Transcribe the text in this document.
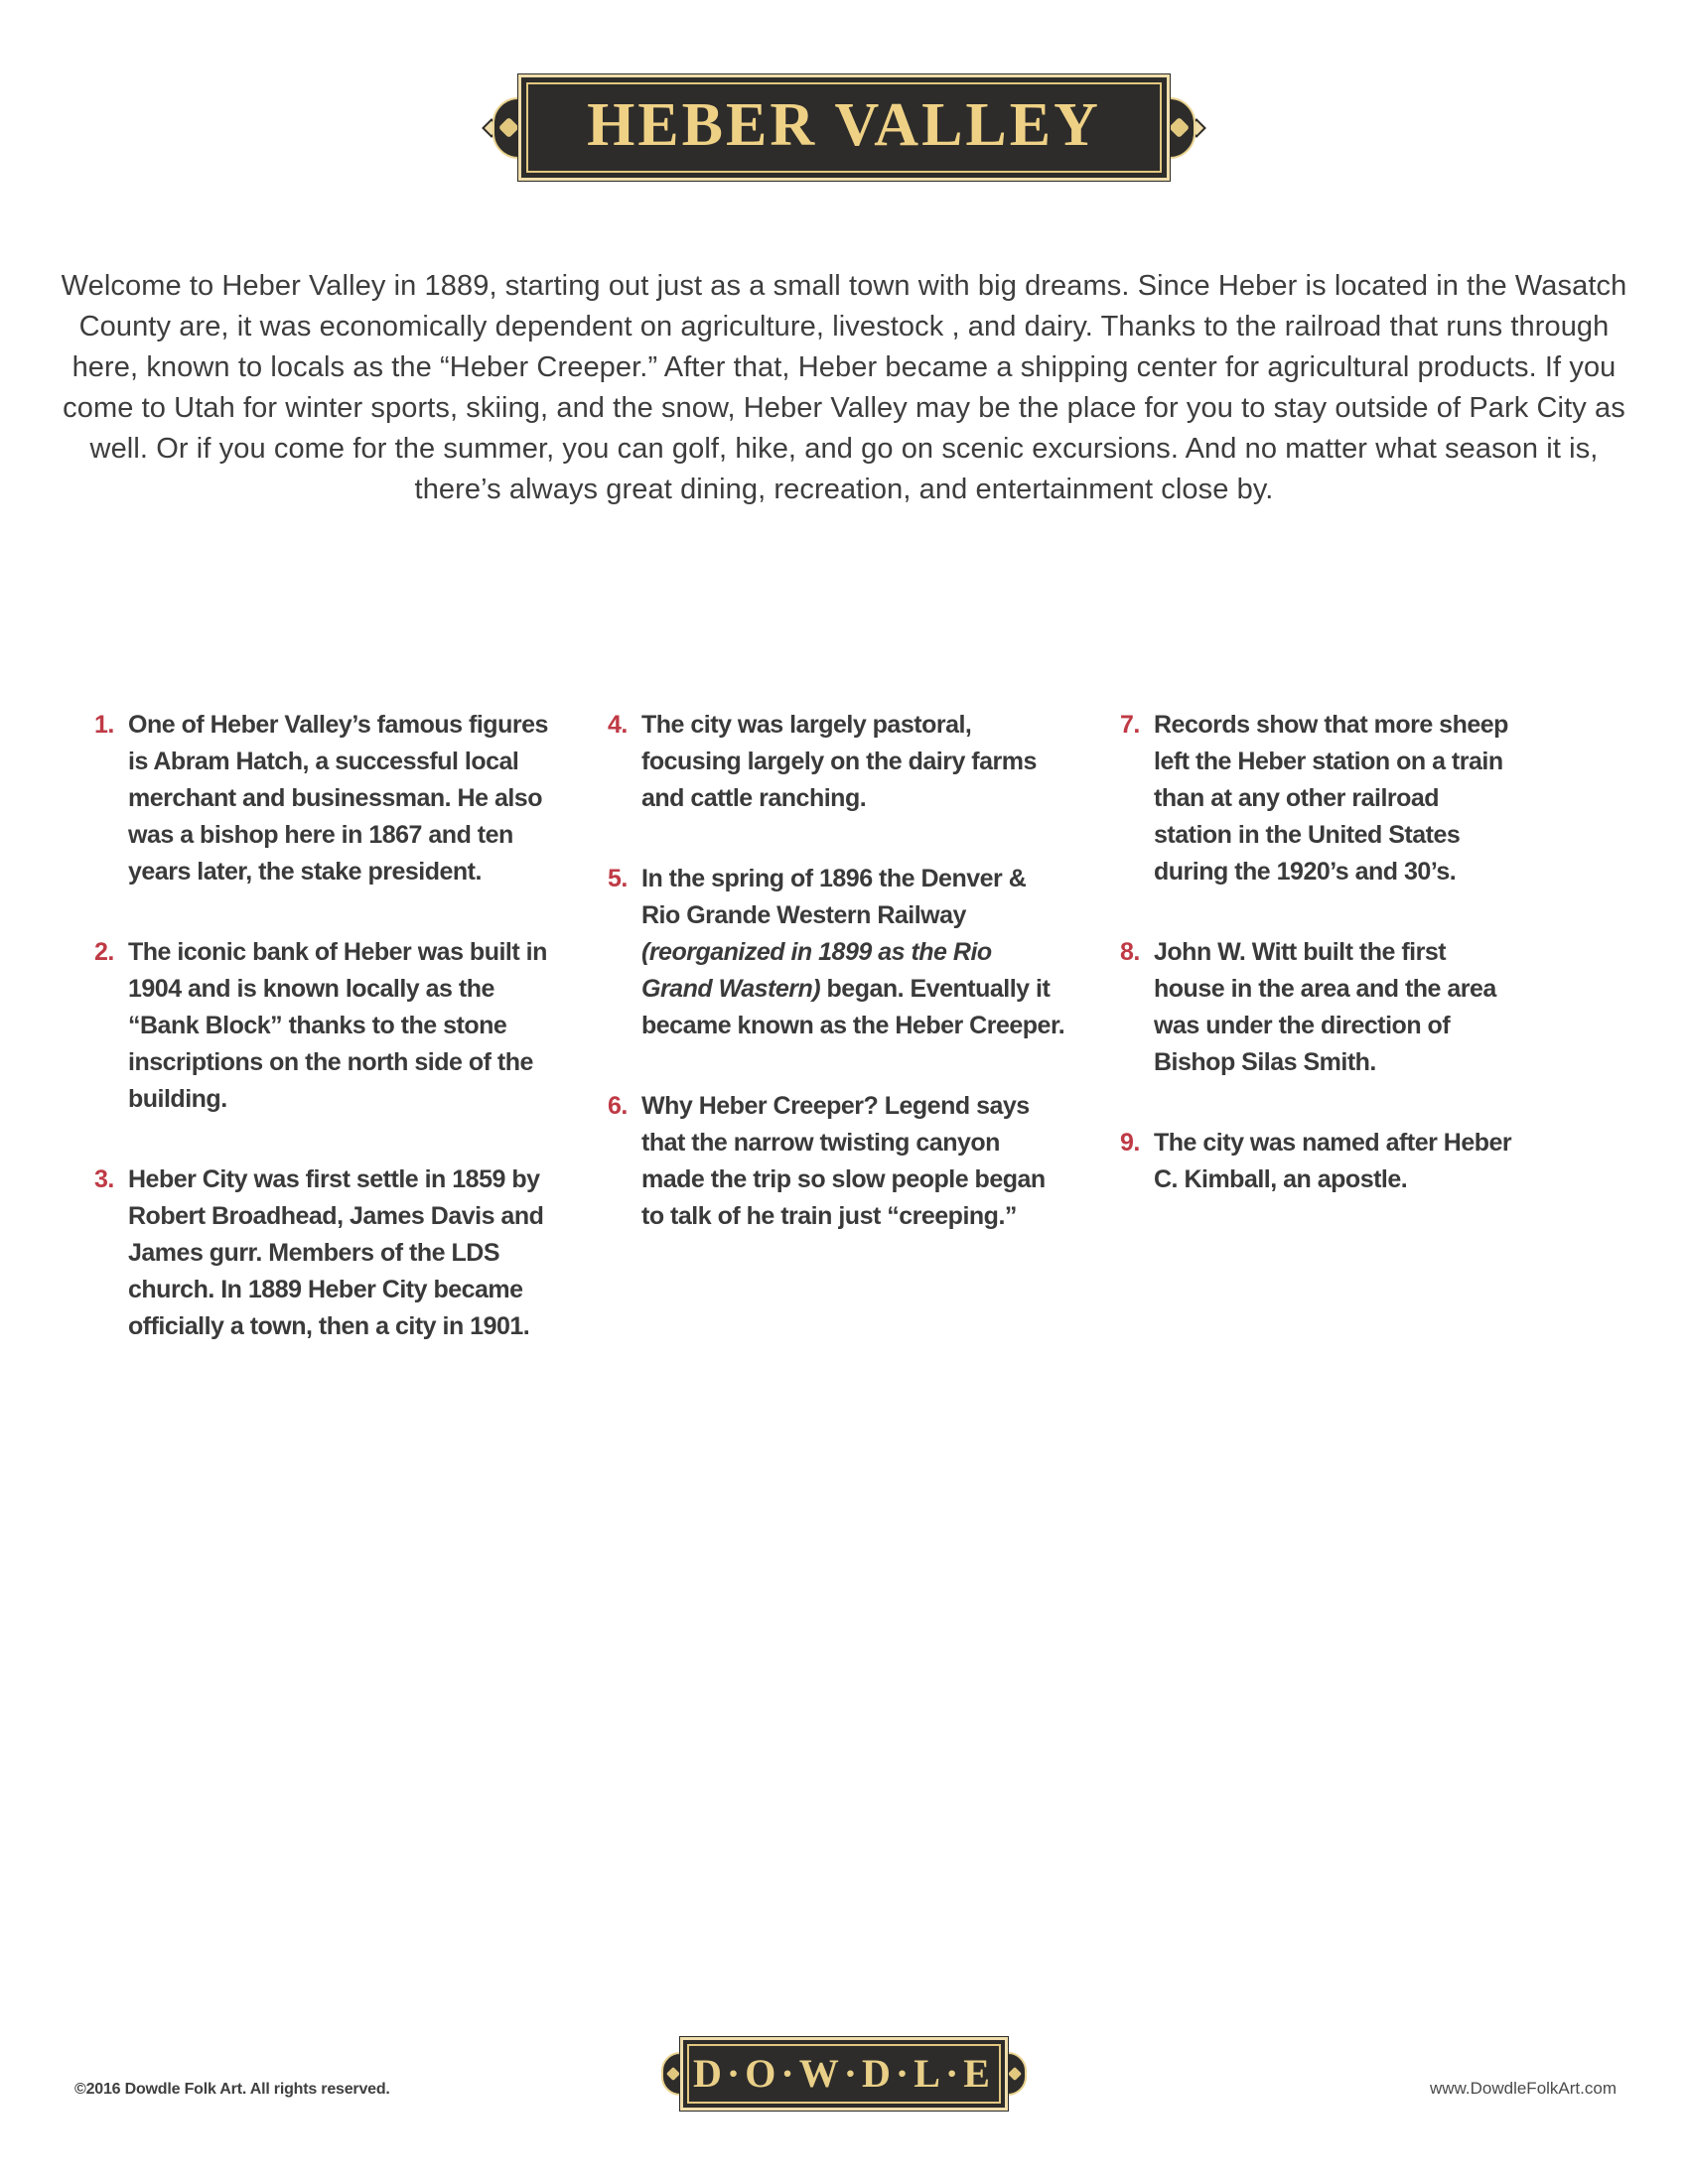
HEBER VALLEY

Welcome to Heber Valley in 1889, starting out just as a small town with big dreams. Since Heber is located in the Wasatch County are, it was economically dependent on agriculture, livestock , and dairy. Thanks to the railroad that runs through here, known to locals as the “Heber Creeper.” After that, Heber became a shipping center for agricultural products. If you come to Utah for winter sports, skiing, and the snow, Heber Valley may be the place for you to stay outside of Park City as well. Or if you come for the summer, you can golf, hike, and go on scenic excursions. And no matter what season it is, there’s always great dining, recreation, and entertainment close by.

1. One of Heber Valley’s famous figures is Abram Hatch, a successful local merchant and businessman. He also was a bishop here in 1867 and ten years later, the stake president.
2. The iconic bank of Heber was built in 1904 and is known locally as the “Bank Block” thanks to the stone inscriptions on the north side of the building.
3. Heber City was first settle in 1859 by Robert Broadhead, James Davis and James gurr. Members of the LDS church. In 1889 Heber City became officially a town, then a city in 1901.
4. The city was largely pastoral, focusing largely on the dairy farms and cattle ranching.
5. In the spring of 1896 the Denver & Rio Grande Western Railway (reorganized in 1899 as the Rio Grand Wastern) began. Eventually it became known as the Heber Creeper.
6. Why Heber Creeper? Legend says that the narrow twisting canyon made the trip so slow people began to talk of he train just “creeping.”
7. Records show that more sheep left the Heber station on a train than at any other railroad station in the United States during the 1920’s and 30’s.
8. John W. Witt built the first house in the area and the area was under the direction of Bishop Silas Smith.
9. The city was named after Heber C. Kimball, an apostle.
©2016 Dowdle Folk Art. All rights reserved.	D·O·W·D·L·E	www.DowdleFolkArt.com
